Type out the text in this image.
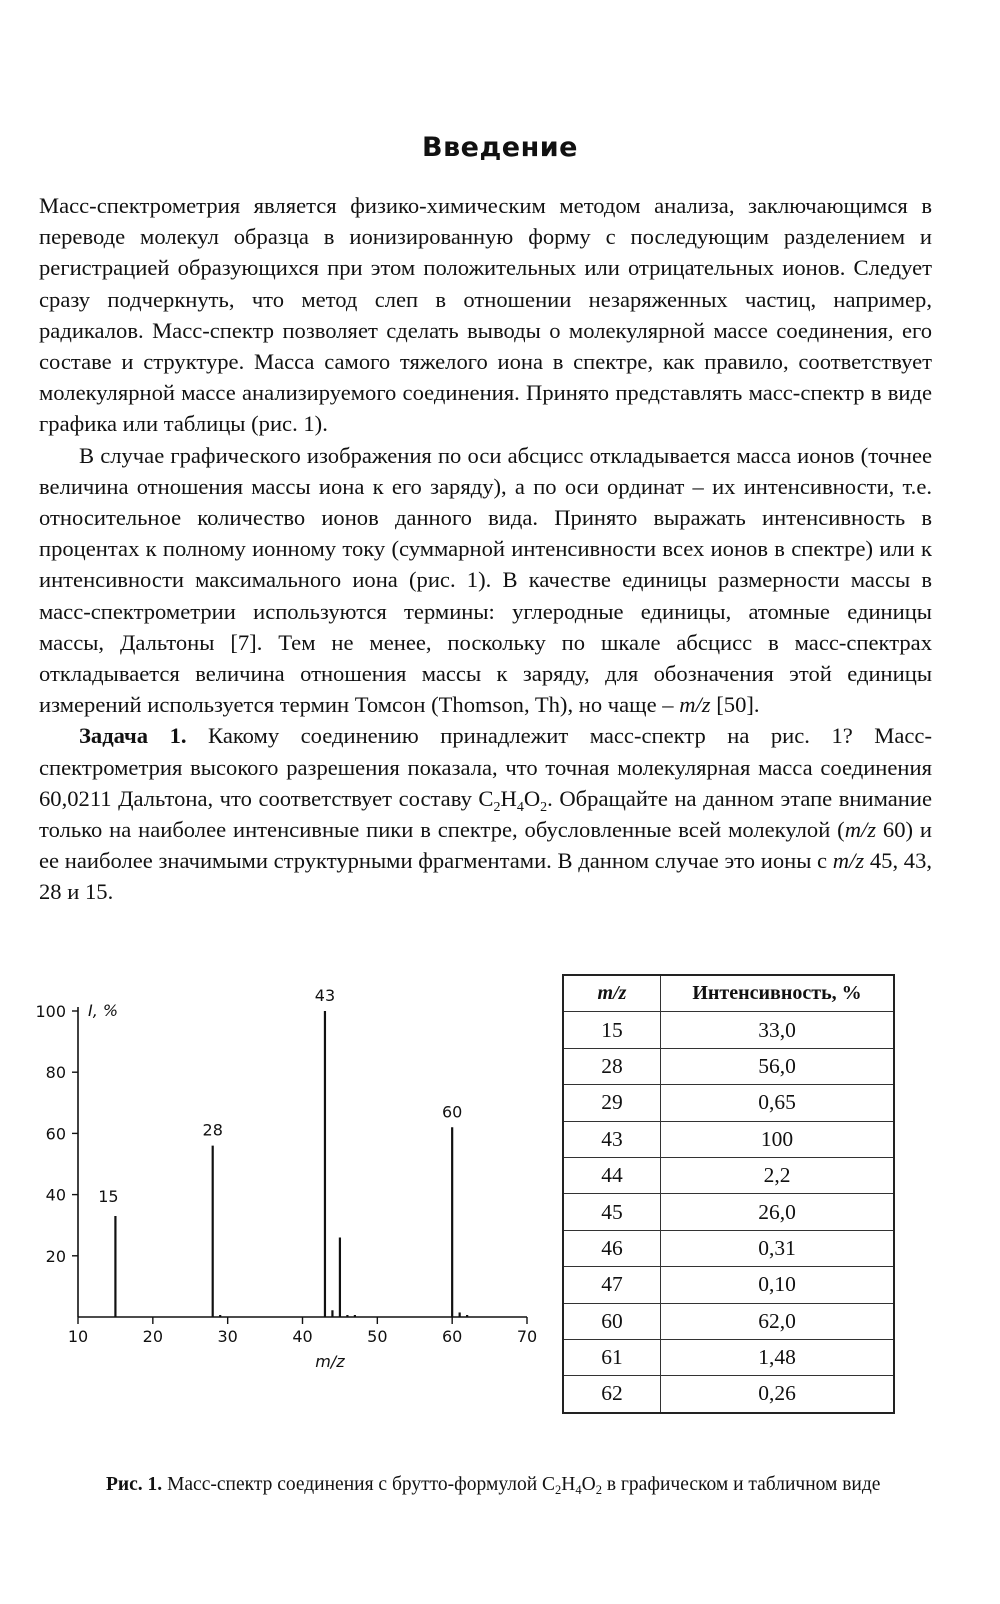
Введение

Масс-спектрометрия является физико-химическим методом анализа, заключающимся в переводе молекул образца в ионизированную форму с последующим разделением и регистрацией образующихся при этом положительных или отрицательных ионов. Следует сразу подчеркнуть, что метод слеп в отношении незаряженных частиц, например, радикалов. Масс-спектр позволяет сделать выводы о молекулярной массе соединения, его составе и структуре. Масса самого тяжелого иона в спектре, как правило, соответствует молекулярной массе анализируемого соединения. Принято представлять масс-спектр в виде графика или таблицы (рис. 1).

В случае графического изображения по оси абсцисс откладывается масса ионов (точнее величина отношения массы иона к его заряду), а по оси ординат – их интенсивности, т.е. относительное количество ионов данного вида. Принято выражать интенсивность в процентах к полному ионному току (суммарной интенсивности всех ионов в спектре) или к интенсивности максимального иона (рис. 1). В качестве единицы размерности массы в масс-спектрометрии используются термины: углеродные единицы, атомные единицы массы, Дальтоны [7]. Тем не менее, поскольку по шкале абсцисс в масс-спектрах откладывается величина отношения массы к заряду, для обозначения этой единицы измерений используется термин Томсон (Thomson, Th), но чаще – m/z [50].

Задача 1. Какому соединению принадлежит масс-спектр на рис. 1? Масс-спектрометрия высокого разрешения показала, что точная молекулярная масса соединения 60,0211 Дальтона, что соответствует составу $C_2H_4O_2$. Обращайте на данном этапе внимание только на наиболее интенсивные пики в спектре, обусловленные всей молекулой (m/z 60) и ее наиболее значимыми структурными фрагментами. В данном случае это ионы с m/z 45, 43, 28 и 15.

10	20	30	40	50	60	70
20
40
60
80
100 I, %
m/z
15
28
43
60
m/z	Интенсивность, %
15	33,0
28	56,0
29	0,65
43	100
44	2,2
45	26,0
46	0,31
47	0,10
60	62,0
61	1,48
62	0,26
Рис. 1. Масс-спектр соединения с брутто-формулой $C_2H_4O_2$ в графическом и табличном виде
